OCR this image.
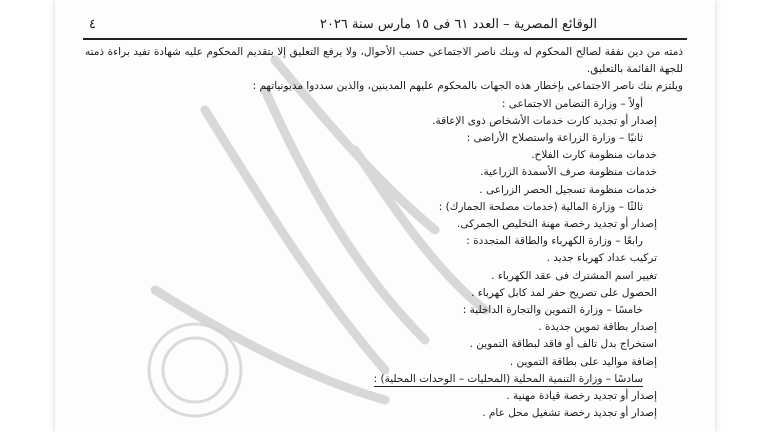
الوقائع المصرية – العدد ٦١ فى ١٥ مارس سنة ٢٠٢٦
٤
ذمته من دين نفقة لصالح المحكوم له وبنك ناصر الاجتماعى حسب الأحوال، ولا يرفع التعليق إلا بتقديم المحكوم عليه شهادة تفيد براءة ذمته للجهة القائمة بالتعليق.
ويلتزم بنك ناصر الاجتماعى بإخطار هذه الجهات بالمحكوم عليهم المدينين، والذين سددوا مديونياتهم :
أولاً – وزارة التضامن الاجتماعى :
إصدار أو تجديد كارت خدمات الأشخاص ذوى الإعاقة.
ثانيًا – وزارة الزراعة واستصلاح الأراضى :
خدمات منظومة كارت الفلاح.
خدمات منظومة صرف الأسمدة الزراعية.
خدمات منظومة تسجيل الحصر الزراعى .
ثالثًا – وزارة المالية (خدمات مصلحة الجمارك) :
إصدار أو تجديد رخصة مهنة التخليص الجمركى.
رابعًا – وزارة الكهرباء والطاقة المتجددة :
تركيب عداد كهرباء جديد .
تغيير اسم المشترك فى عقد الكهرباء .
الحصول على تصريح حفر لمد كابل كهرباء .
خامسًا – وزارة التموين والتجارة الداخلية :
إصدار بطاقة تموين جديدة .
استخراج بدل تالف أو فاقد لبطاقة التموين .
إضافة مواليد على بطاقة التموين .
سادسًا – وزارة التنمية المحلية (المحليات – الوحدات المحلية) :
إصدار أو تجديد رخصة قيادة مهنية .
إصدار أو تجديد رخصة تشغيل محل عام .
